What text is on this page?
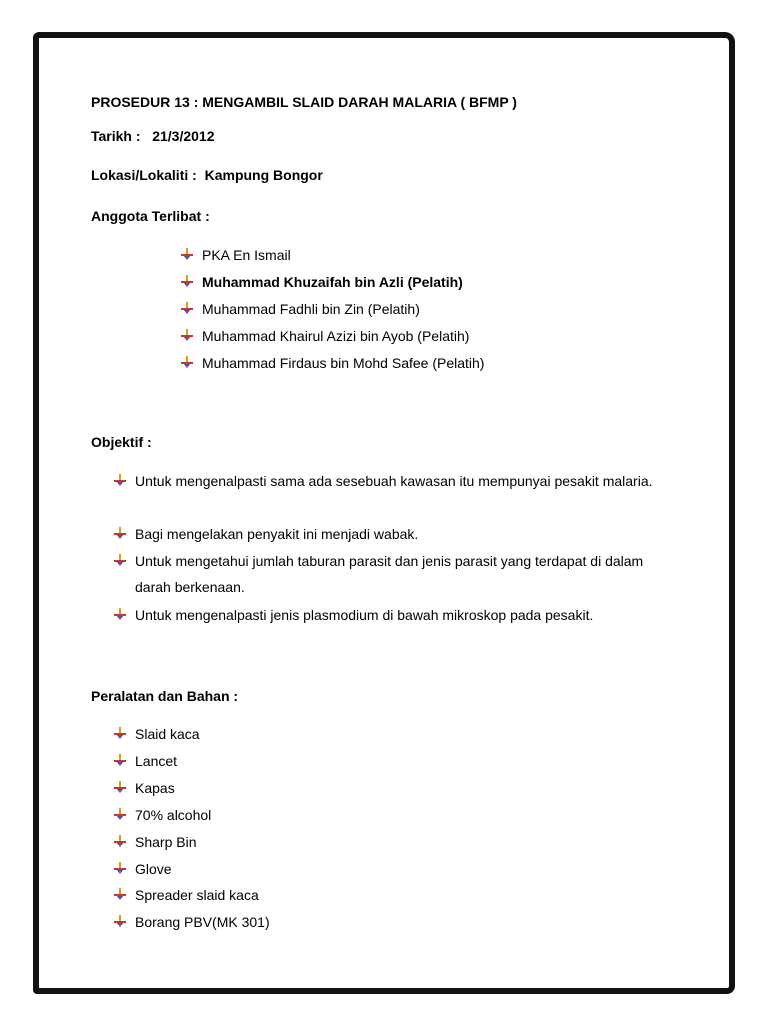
PROSEDUR 13 : MENGAMBIL SLAID DARAH MALARIA ( BFMP )
Tarikh : 21/3/2012
Lokasi/Lokaliti : Kampung Bongor
Anggota Terlibat :
PKA En Ismail
Muhammad Khuzaifah bin Azli (Pelatih)
Muhammad Fadhli bin Zin (Pelatih)
Muhammad Khairul Azizi bin Ayob (Pelatih)
Muhammad Firdaus bin Mohd Safee (Pelatih)
Objektif :
Untuk mengenalpasti sama ada sesebuah kawasan itu mempunyai pesakit malaria.
Bagi mengelakan penyakit ini menjadi wabak.
Untuk mengetahui jumlah taburan parasit dan jenis parasit yang terdapat di dalam darah berkenaan.
Untuk mengenalpasti jenis plasmodium di bawah mikroskop pada pesakit.
Peralatan dan Bahan :
Slaid kaca
Lancet
Kapas
70% alcohol
Sharp Bin
Glove
Spreader slaid kaca
Borang PBV(MK 301)
